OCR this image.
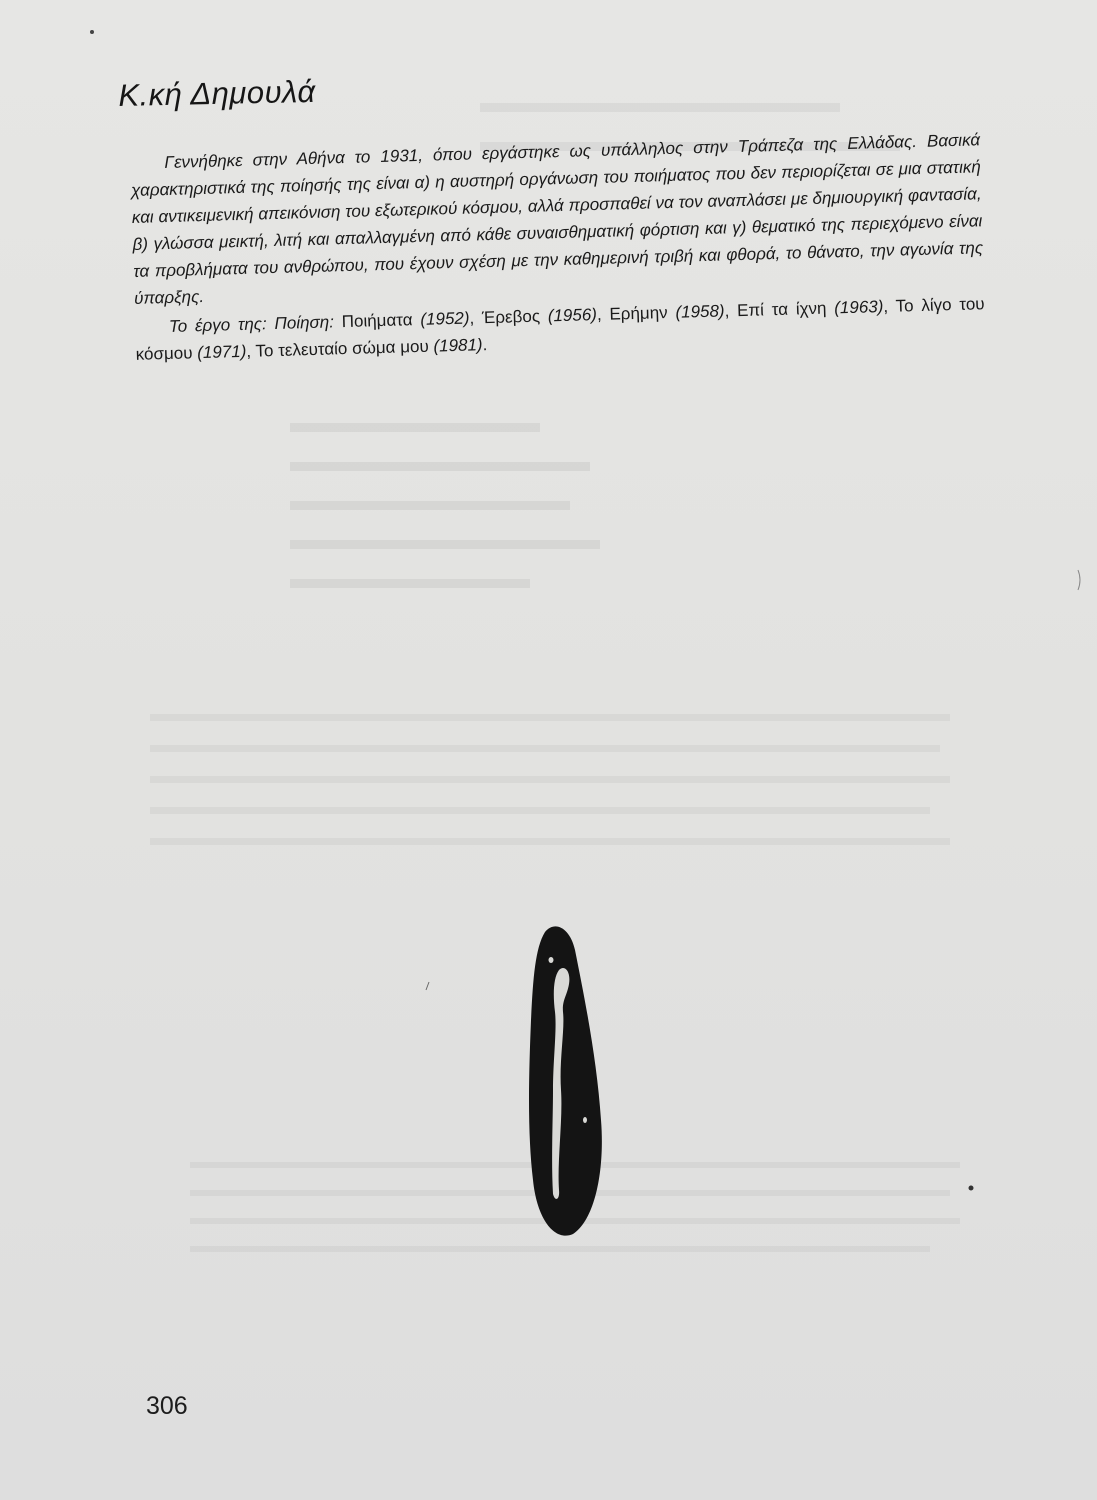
Κ.κή Δημουλά

Γεννήθηκε στην Αθήνα το 1931, όπου εργάστηκε ως υπάλληλος στην Τράπεζα της Ελλάδας. Βασικά χαρακτηριστικά της ποίησής της είναι α) η αυστηρή οργάνωση του ποιήματος που δεν περιορίζεται σε μια στατική και αντικειμενική απεικόνιση του εξωτερικού κόσμου, αλλά προσπαθεί να τον αναπλάσει με δημιουργική φαντασία, β) γλώσσα μεικτή, λιτή και απαλλαγμένη από κάθε συναισθηματική φόρτιση και γ) θεματικό της περιεχόμενο είναι τα προβλήματα του ανθρώπου, που έχουν σχέση με την καθημερινή τριβή και φθορά, το θάνατο, την αγωνία της ύπαρξης.

Το έργο της: Ποίηση: Ποιήματα (1952), Έρεβος (1956), Ερήμην (1958), Επί τα ίχνη (1963), Το λίγο του κόσμου (1971), Το τελευταίο σώμα μου (1981).

306
